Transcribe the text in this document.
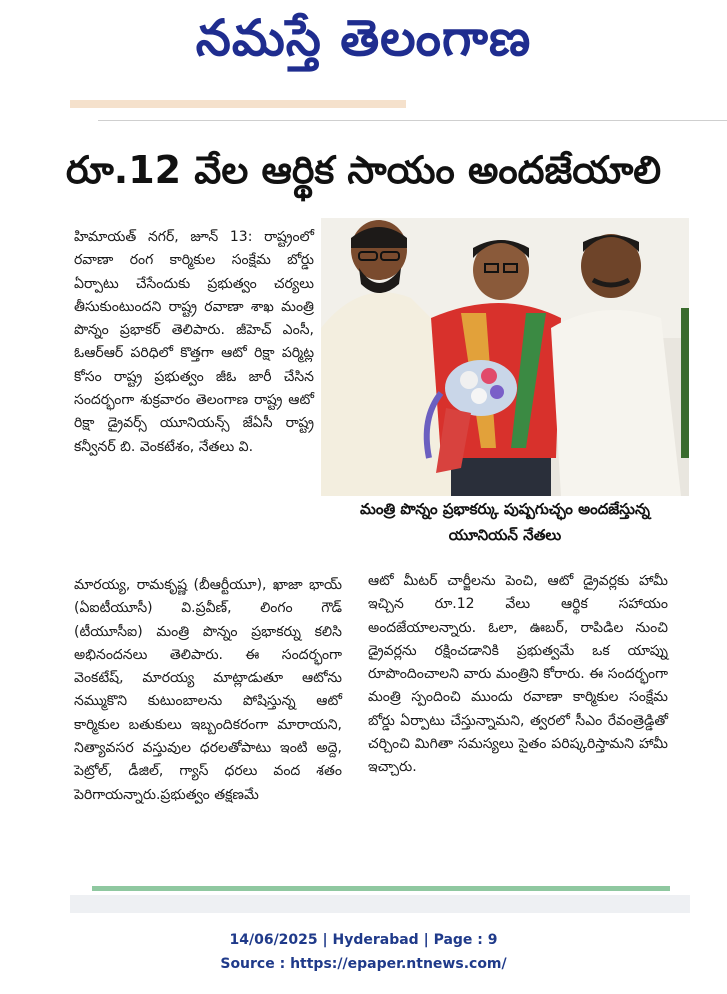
నమస్తే తెలంగాణ
రూ.12 వేల ఆర్థిక సాయం అందజేయాలి

హిమాయత్ నగర్, జూన్ 13: రాష్ట్రంలో రవాణా రంగ కార్మికుల సంక్షేమ బోర్డు ఏర్పాటు చేసేందుకు ప్రభుత్వం చర్యలు తీసుకుంటుందని రాష్ట్ర రవాణా శాఖ మంత్రి పొన్నం ప్రభాకర్ తెలిపారు. జీహెచ్ ఎంసీ, ఓఆర్ఆర్ పరిధిలో కొత్తగా ఆటో రిక్షా పర్మిట్ల కోసం రాష్ట్ర ప్రభుత్వం జీఓ జారీ చేసిన సందర్భంగా శుక్రవారం తెలంగాణ రాష్ట్ర ఆటో రిక్షా డ్రైవర్స్ యూనియన్స్ జేఏసీ రాష్ట్ర కన్వీనర్ బి. వెంకటేశం, నేతలు వి.

మంత్రి పొన్నం ప్రభాకర్కు పుష్పగుచ్ఛం అందజేస్తున్న
యూనియన్ నేతలు

మారయ్య, రామకృష్ణ (బీఆర్టీయూ), ఖాజా భాయ్ (ఏఐటీయూసీ) వి.ప్రవీణ్, లింగం గౌడ్ (టీయూసీఐ) మంత్రి పొన్నం ప్రభాకర్ను కలిసి అభినందనలు తెలిపారు. ఈ సందర్భంగా వెంకటేష్, మారయ్య మాట్లాడుతూ ఆటోను నమ్ముకొని కుటుంబాలను పోషిస్తున్న ఆటో కార్మికుల బతుకులు ఇబ్బందికరంగా మారాయని, నిత్యావసర వస్తువుల ధరలతోపాటు ఇంటి అద్దె, పెట్రోల్, డీజిల్, గ్యాస్ ధరలు వంద శతం పెరిగాయన్నారు.ప్రభుత్వం తక్షణమే

ఆటో మీటర్ చార్జీలను పెంచి, ఆటో డ్రైవర్లకు హామీ ఇచ్చిన రూ.12 వేలు ఆర్థిక సహాయం అందజేయాలన్నారు. ఓలా, ఊబర్, రాపిడిల నుంచి డ్రైవర్లను రక్షించడానికి ప్రభుత్వమే ఒక యాప్ను రూపొందించాలని వారు మంత్రిని కోరారు. ఈ సందర్భంగా మంత్రి స్పందించి ముందు రవాణా కార్మికుల సంక్షేమ బోర్డు ఏర్పాటు చేస్తున్నామని, త్వరలో సీఎం రేవంత్రెడ్డితో చర్చించి మిగితా సమస్యలు సైతం పరిష్కరిస్తామని హామీ ఇచ్చారు.

14/06/2025 | Hyderabad | Page : 9
Source : https://epaper.ntnews.com/
